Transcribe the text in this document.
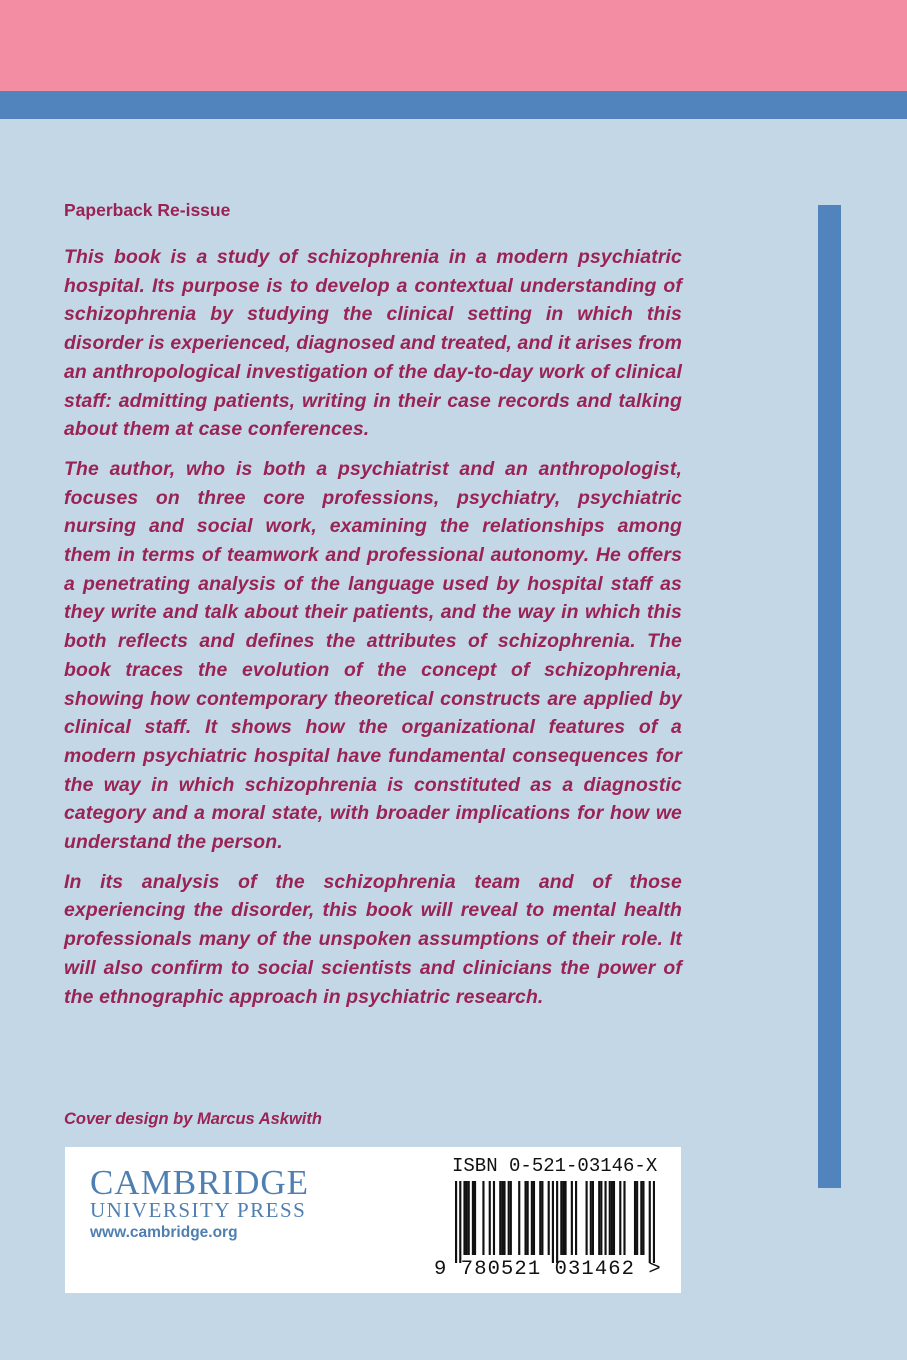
Paperback Re-issue

This book is a study of schizophrenia in a modern psychiatric hospital. Its purpose is to develop a contextual understanding of schizophrenia by studying the clinical setting in which this disorder is experienced, diagnosed and treated, and it arises from an anthropological investigation of the day-to-day work of clinical staff: admitting patients, writing in their case records and talking about them at case conferences.

The author, who is both a psychiatrist and an anthropologist, focuses on three core professions, psychiatry, psychiatric nursing and social work, examining the relationships among them in terms of teamwork and professional autonomy. He offers a penetrating analysis of the language used by hospital staff as they write and talk about their patients, and the way in which this both reflects and defines the attributes of schizophrenia. The book traces the evolution of the concept of schizophrenia, showing how contemporary theoretical constructs are applied by clinical staff. It shows how the organizational features of a modern psychiatric hospital have fundamental consequences for the way in which schizophrenia is constituted as a diagnostic category and a moral state, with broader implications for how we understand the person.

In its analysis of the schizophrenia team and of those experiencing the disorder, this book will reveal to mental health professionals many of the unspoken assumptions of their role. It will also confirm to social scientists and clinicians the power of the ethnographic approach in psychiatric research.

Cover design by Marcus Askwith
CAMBRIDGE
UNIVERSITY PRESS
www.cambridge.org
ISBN 0-521-03146-X
9 780521 031462 >
